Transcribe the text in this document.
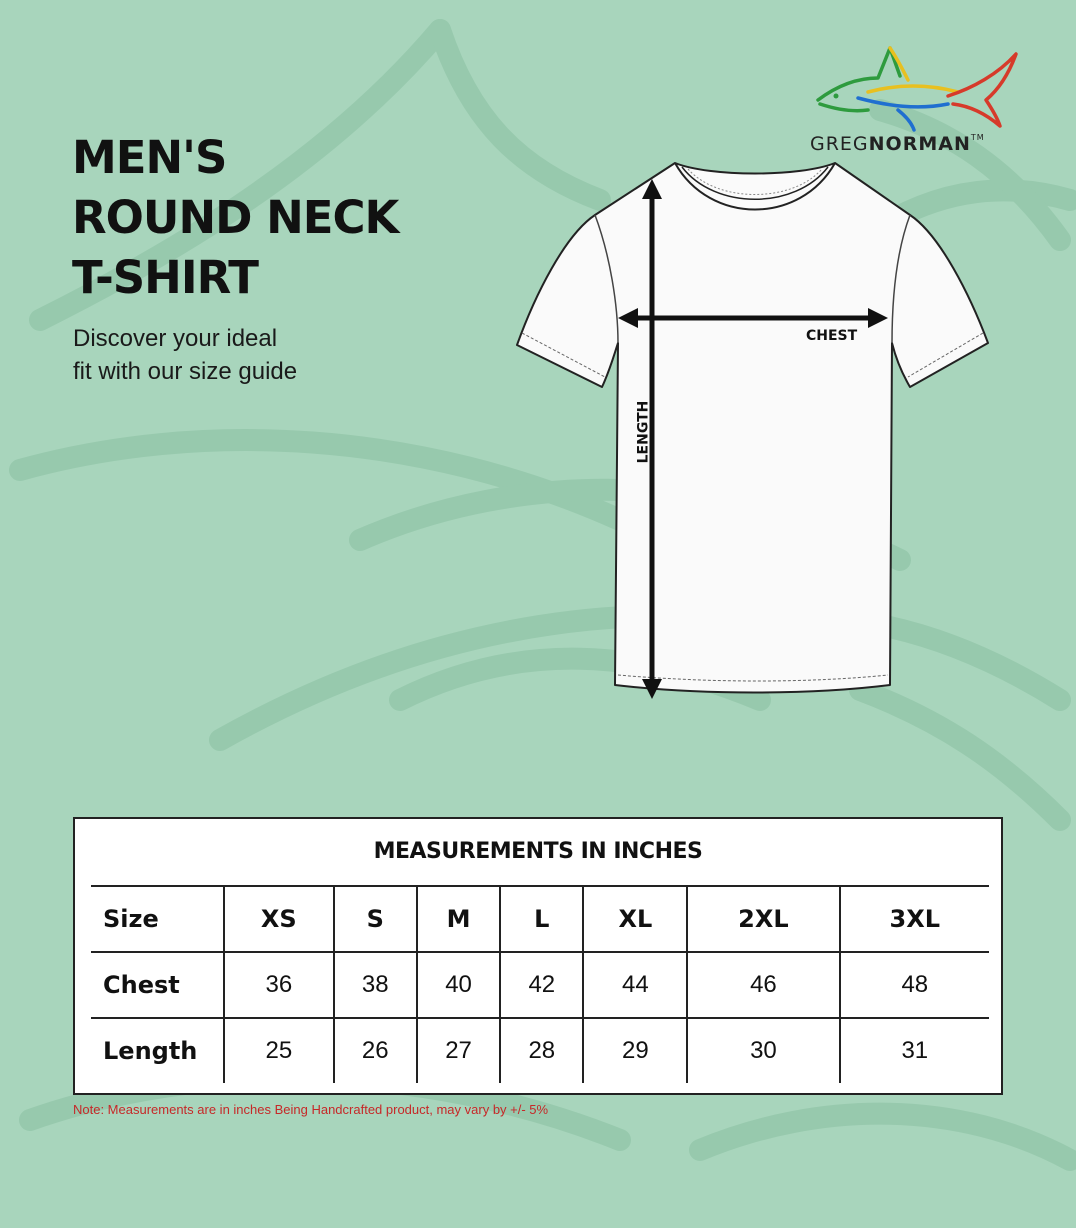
MEN'S
ROUND NECK
T-SHIRT
Discover your ideal
fit with our size guide
GREGNORMAN™
CHEST
LENGTH
MEASUREMENTS IN INCHES
Size	XS	S	M	L	XL	2XL	3XL
Chest	36	38	40	42	44	46	48
Length	25	26	27	28	29	30	31
Note: Measurements are in inches Being Handcrafted product, may vary by +/- 5%
